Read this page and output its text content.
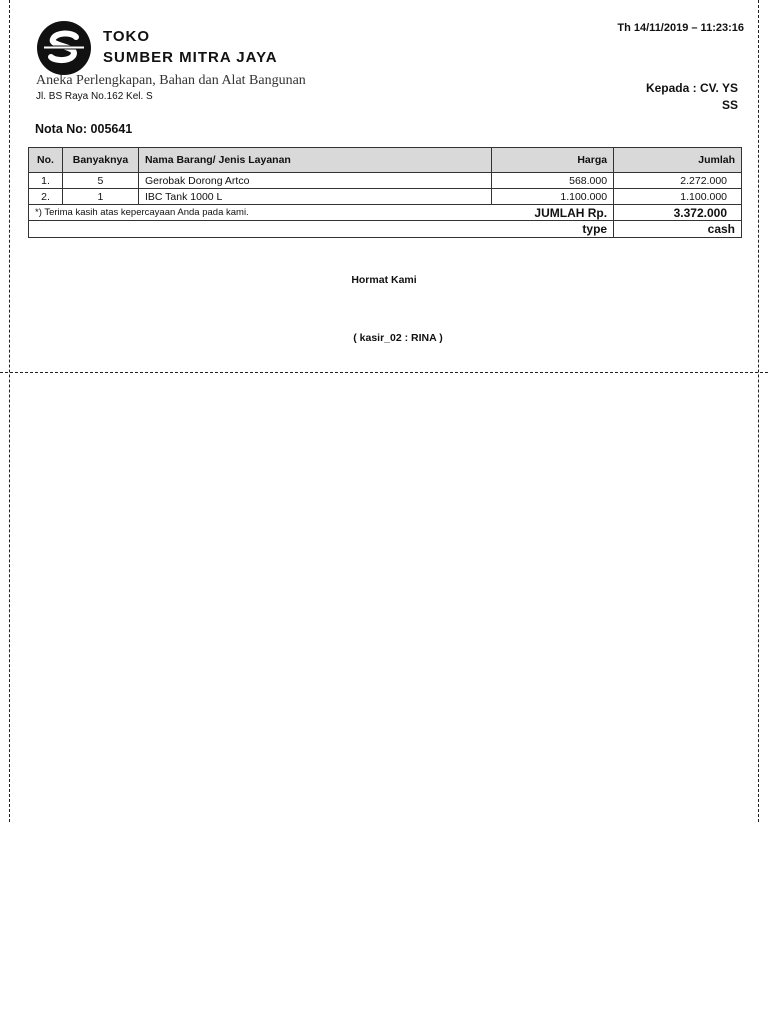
TOKO
SUMBER MITRA JAYA
Aneka Perlengkapan, Bahan dan Alat Bangunan
Jl. BS Raya No.162 Kel. S
Th 14/11/2019 – 11:23:16
Kepada : CV. YS
SS
Nota No: 005641
No.	Banyaknya	Nama Barang/ Jenis Layanan	Harga	Jumlah
1.	5	Gerobak Dorong Artco	568.000	2.272.000
2.	1	IBC Tank 1000 L	1.100.000	1.100.000
*) Terima kasih atas kepercayaan Anda pada kami.			JUMLAH Rp.	3.372.000
type				cash
Hormat Kami
( kasir_02 : RINA )
